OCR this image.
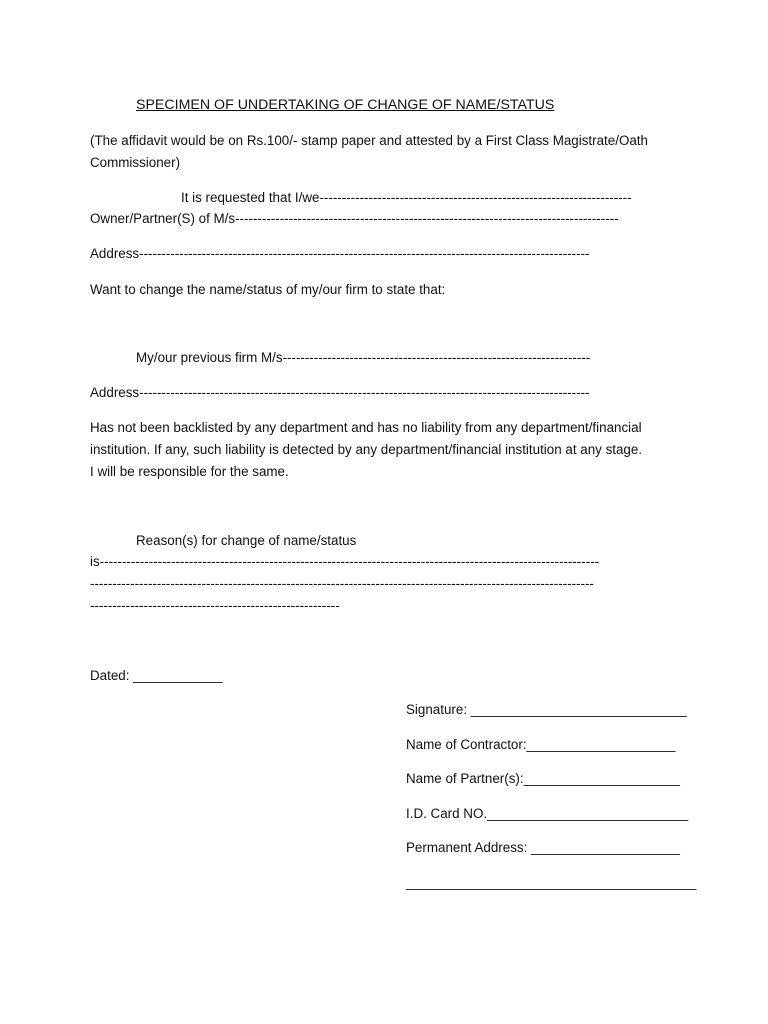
SPECIMEN OF UNDERTAKING OF CHANGE OF NAME/STATUS
(The affidavit would be on Rs.100/- stamp paper and attested by a First Class Magistrate/Oath
Commissioner)
It is requested that I/we----------------------------------------------------------------------
Owner/Partner(S) of M/s--------------------------------------------------------------------------------------
Address-----------------------------------------------------------------------------------------------------
Want to change the name/status of my/our firm to state that:
My/our previous firm M/s---------------------------------------------------------------------
Address-----------------------------------------------------------------------------------------------------
Has not been backlisted by any department and has no liability from any department/financial
institution. If any, such liability is detected by any department/financial institution at any stage.
I will be responsible for the same.
Reason(s) for change of name/status
is----------------------------------------------------------------------------------------------------------------
-----------------------------------------------------------------------------------------------------------------
--------------------------------------------------------
Dated: ____________
Signature: _____________________________
Name of Contractor:____________________
Name of Partner(s):_____________________
I.D. Card NO.___________________________
Permanent Address: ____________________
_______________________________________
